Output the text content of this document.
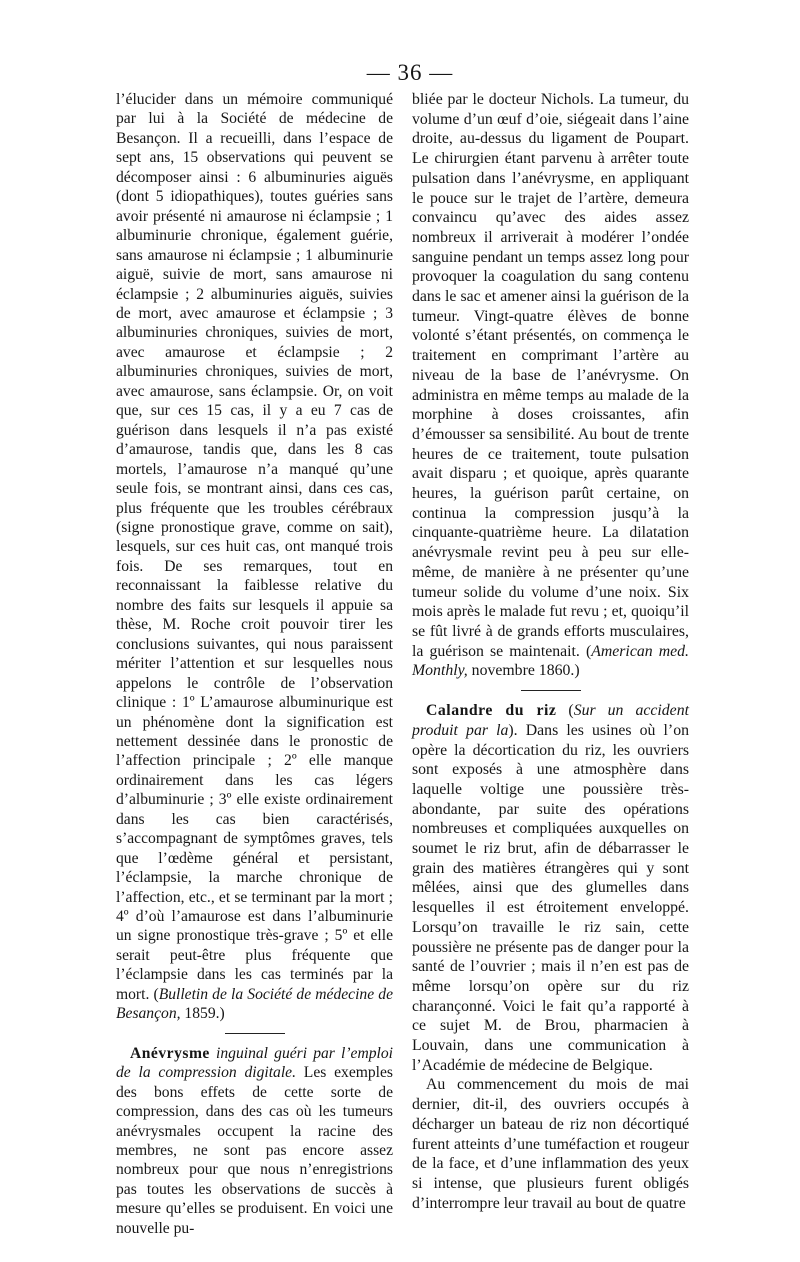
— 36 —

l’élucider dans un mémoire communiqué par lui à la Société de médecine de Besançon. Il a recueilli, dans l’espace de sept ans, 15 observations qui peuvent se décomposer ainsi : 6 albuminuries aiguës (dont 5 idiopathiques), toutes guéries sans avoir présenté ni amaurose ni éclampsie ; 1 albuminurie chronique, également guérie, sans amaurose ni éclampsie ; 1 albuminurie aiguë, suivie de mort, sans amaurose ni éclampsie ; 2 albuminuries aiguës, suivies de mort, avec amaurose et éclampsie ; 3 albuminuries chroniques, suivies de mort, avec amaurose et éclampsie ; 2 albuminuries chroniques, suivies de mort, avec amaurose, sans éclampsie. Or, on voit que, sur ces 15 cas, il y a eu 7 cas de guérison dans lesquels il n’a pas existé d’amaurose, tandis que, dans les 8 cas mortels, l’amaurose n’a manqué qu’une seule fois, se montrant ainsi, dans ces cas, plus fréquente que les troubles cérébraux (signe pronostique grave, comme on sait), lesquels, sur ces huit cas, ont manqué trois fois. De ses remarques, tout en reconnaissant la faiblesse relative du nombre des faits sur lesquels il appuie sa thèse, M. Roche croit pouvoir tirer les conclusions suivantes, qui nous paraissent mériter l’attention et sur lesquelles nous appelons le contrôle de l’observation clinique : 1º L’amaurose albuminurique est un phénomène dont la signification est nettement dessinée dans le pronostic de l’affection principale ; 2º elle manque ordinairement dans les cas légers d’albuminurie ; 3º elle existe ordinairement dans les cas bien caractérisés, s’accompagnant de symptômes graves, tels que l’œdème général et persistant, l’éclampsie, la marche chronique de l’affection, etc., et se terminant par la mort ; 4º d’où l’amaurose est dans l’albuminurie un signe pronostique très-grave ; 5º et elle serait peut-être plus fréquente que l’éclampsie dans les cas terminés par la mort. (Bulletin de la Société de médecine de Besançon, 1859.)

Anévrysme inguinal guéri par l’emploi de la compression digitale. Les exemples des bons effets de cette sorte de compression, dans des cas où les tumeurs anévrysmales occupent la racine des membres, ne sont pas encore assez nombreux pour que nous n’enregistrions pas toutes les observations de succès à mesure qu’elles se produisent. En voici une nouvelle pu-

bliée par le docteur Nichols. La tumeur, du volume d’un œuf d’oie, siégeait dans l’aine droite, au-dessus du ligament de Poupart. Le chirurgien étant parvenu à arrêter toute pulsation dans l’anévrysme, en appliquant le pouce sur le trajet de l’artère, demeura convaincu qu’avec des aides assez nombreux il arriverait à modérer l’ondée sanguine pendant un temps assez long pour provoquer la coagulation du sang contenu dans le sac et amener ainsi la guérison de la tumeur. Vingt-quatre élèves de bonne volonté s’étant présentés, on commença le traitement en comprimant l’artère au niveau de la base de l’anévrysme. On administra en même temps au malade de la morphine à doses croissantes, afin d’émousser sa sensibilité. Au bout de trente heures de ce traitement, toute pulsation avait disparu ; et quoique, après quarante heures, la guérison parût certaine, on continua la compression jusqu’à la cinquante-quatrième heure. La dilatation anévrysmale revint peu à peu sur elle-même, de manière à ne présenter qu’une tumeur solide du volume d’une noix. Six mois après le malade fut revu ; et, quoiqu’il se fût livré à de grands efforts musculaires, la guérison se maintenait. (American med. Monthly, novembre 1860.)

Calandre du riz (Sur un accident produit par la). Dans les usines où l’on opère la décortication du riz, les ouvriers sont exposés à une atmosphère dans laquelle voltige une poussière très-abondante, par suite des opérations nombreuses et compliquées auxquelles on soumet le riz brut, afin de débarrasser le grain des matières étrangères qui y sont mêlées, ainsi que des glumelles dans lesquelles il est étroitement enveloppé. Lorsqu’on travaille le riz sain, cette poussière ne présente pas de danger pour la santé de l’ouvrier ; mais il n’en est pas de même lorsqu’on opère sur du riz charançonné. Voici le fait qu’a rapporté à ce sujet M. de Brou, pharmacien à Louvain, dans une communication à l’Académie de médecine de Belgique.

Au commencement du mois de mai dernier, dit-il, des ouvriers occupés à décharger un bateau de riz non décortiqué furent atteints d’une tuméfaction et rougeur de la face, et d’une inflammation des yeux si intense, que plusieurs furent obligés d’interrompre leur travail au bout de quatre
